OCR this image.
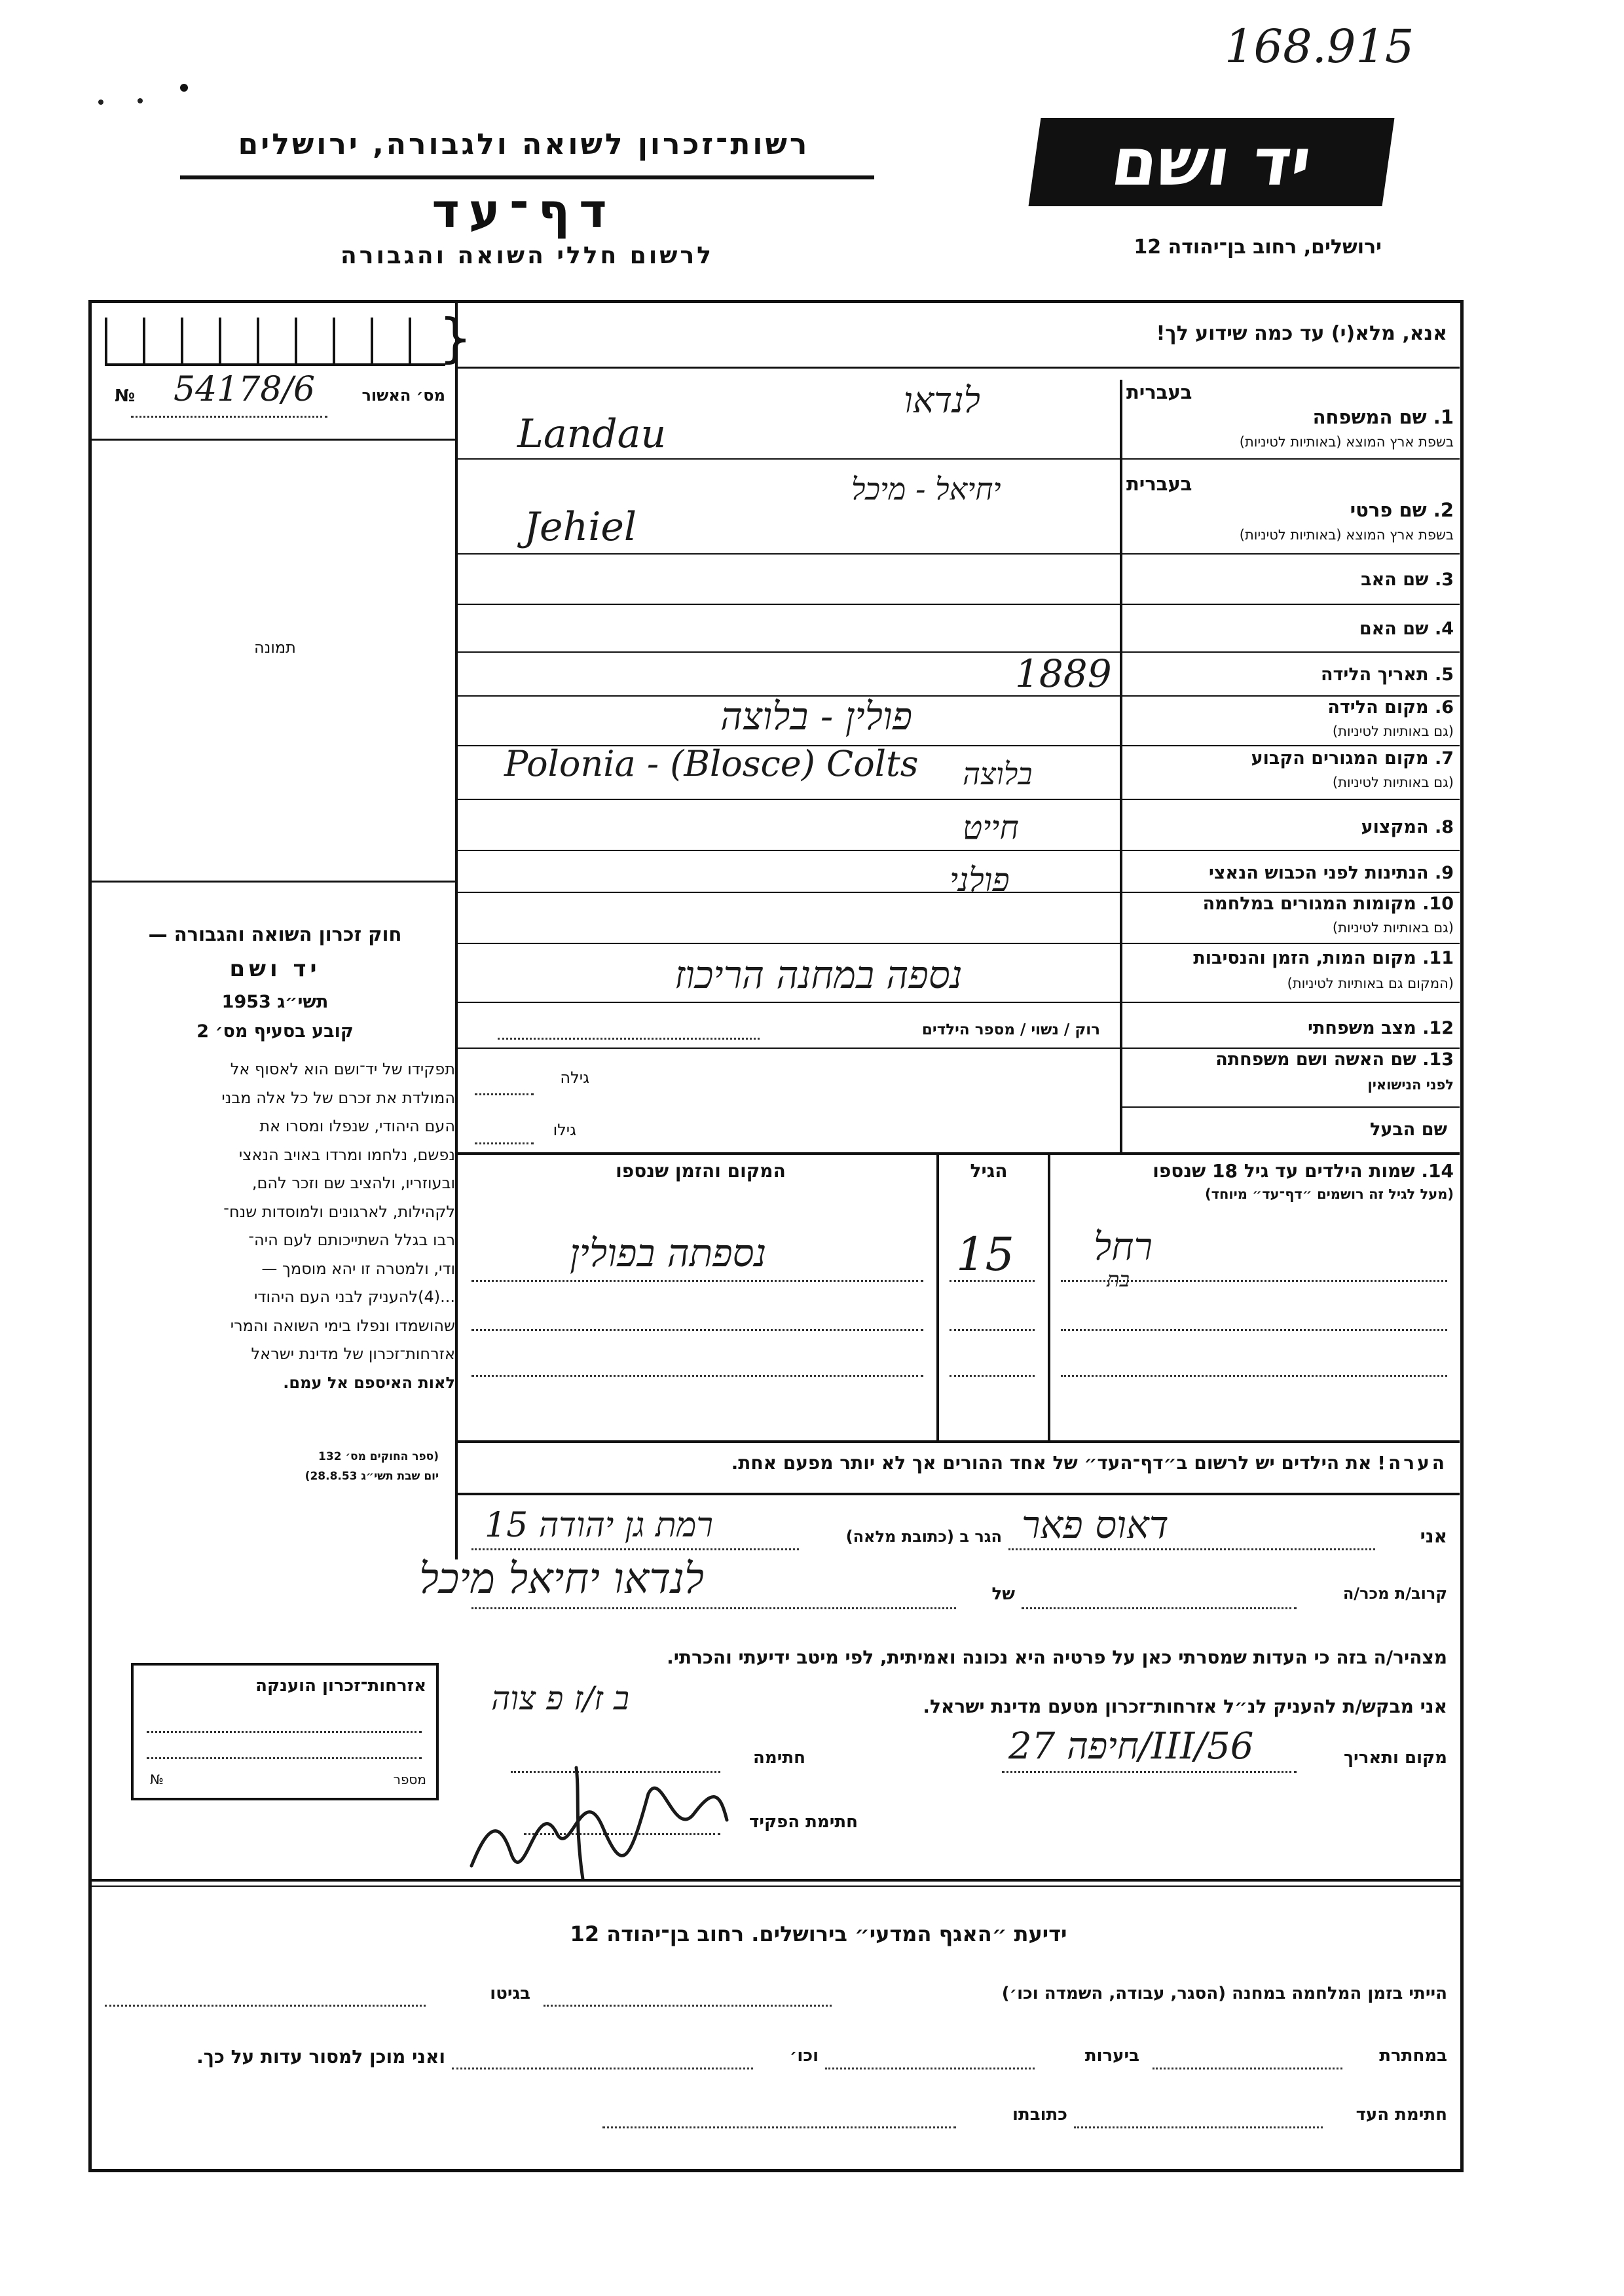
168.915
יד ושם
ירושלים, רחוב בן־יהודה 12
רשות־זכרון לשואה ולגבורה, ירושלים
דף־עד
לרשום חללי השואה והגבורה
№ 54178/6	מס׳ האשור
תמונה
חוק זכרון השואה והגבורה —
יד ושם
תשי״ג 1953
קובע בסעיף מס׳ 2
תפקידו של יד־ושם הוא לאסוף אל
המולדת את זכרם של כל אלה מבני
העם היהודי, שנפלו ומסרו את
נפשם, נלחמו ומרדו באויב הנאצי
ובעוזריו, ולהציב שם וזכר להם,
לקהילות, לארגונים ולמוסדות שנח־
רבו בגלל השתייכותם לעם היה־
ודי, ולמטרה זו יהא מוסמך —
...(4)להעניק לבני העם היהודי
שהושמדו ונפלו בימי השואה והמרי
אזרחות־זכרון של מדינת ישראל
לאות האיספם אל עמם.
(ספר החוקים מס׳ 132
יום שבת תשי״ג 28.8.53)
אזרחות־זכרון הוענקה
№	מספר
אנא, מלא(י) עד כמה שידוע לך!
}
בעברית
1. שם המשפחה
בשפת ארץ המוצא (באותיות לטיניות)
בעברית
2. שם פרטי
בשפת ארץ המוצא (באותיות לטיניות)
3. שם האב
4. שם האם
5. תאריך הלידה
6. מקום הלידה
(גם באותיות לטיניות)
7. מקום המגורים הקבוע
(גם באותיות לטיניות)
8. המקצוע
9. הנתינות לפני הכבוש הנאצי
10. מקומות המגורים במלחמה
(גם באותיות לטיניות)
11. מקום המות, הזמן והנסיבות
(המקום גם באותיות לטיניות)
12. מצב משפחתי
13. שם האשה ושם משפחתה
לפני הנישואין
שם הבעל
לנדאו
Landau
יחיאל - מיכל
Jehiel
1889
פולין - בלוצה
Polonia - (Blosce) Colts בלוצה
חייט
פולני
נספה במחנה הריכוז
רוק / נשוי / מספר הילדים
גילה
גילו
14. שמות הילדים עד גיל 18 שנספו
(מעל לגיל זה רושמים ״דף־עד״ מיוחד)
הגיל
המקום והזמן שנספו
רחל
בת
15
נספתה בפולין
הערה! את הילדים יש לרשום ב״דף־העד״ של אחד ההורים אך לא יותר מפעם אחת.
אני
דאוס פאר
הגר ב (כתובת מלאה)
רמת גן יהודה 15
קרוב/ת מכר/ה
של
לנדאו יחיאל מיכל
מצהיר/ה בזה כי העדות שמסרתי כאן על פרטיה היא נכונה ואמיתית, לפי מיטב ידיעתי והכרתי.
אני מבקש/ת להעניק לנ״ל אזרחות־זכרון מטעם מדינת ישראל.
ב ז/ז פ צוה
מקום ותאריך
חיפה 27/III/56
חתימה
חתימת הפקיד
ידיעת ״האגף המדעי״ בירושלים. רחוב בן־יהודה 12
הייתי בזמן המלחמה במחנה (הסגר, עבודה, השמדה וכו׳)
בגיטו
במחתרת
ביערות
וכו׳
ואני מוכן למסור עדות על כך.
חתימת העד
כתובתו
